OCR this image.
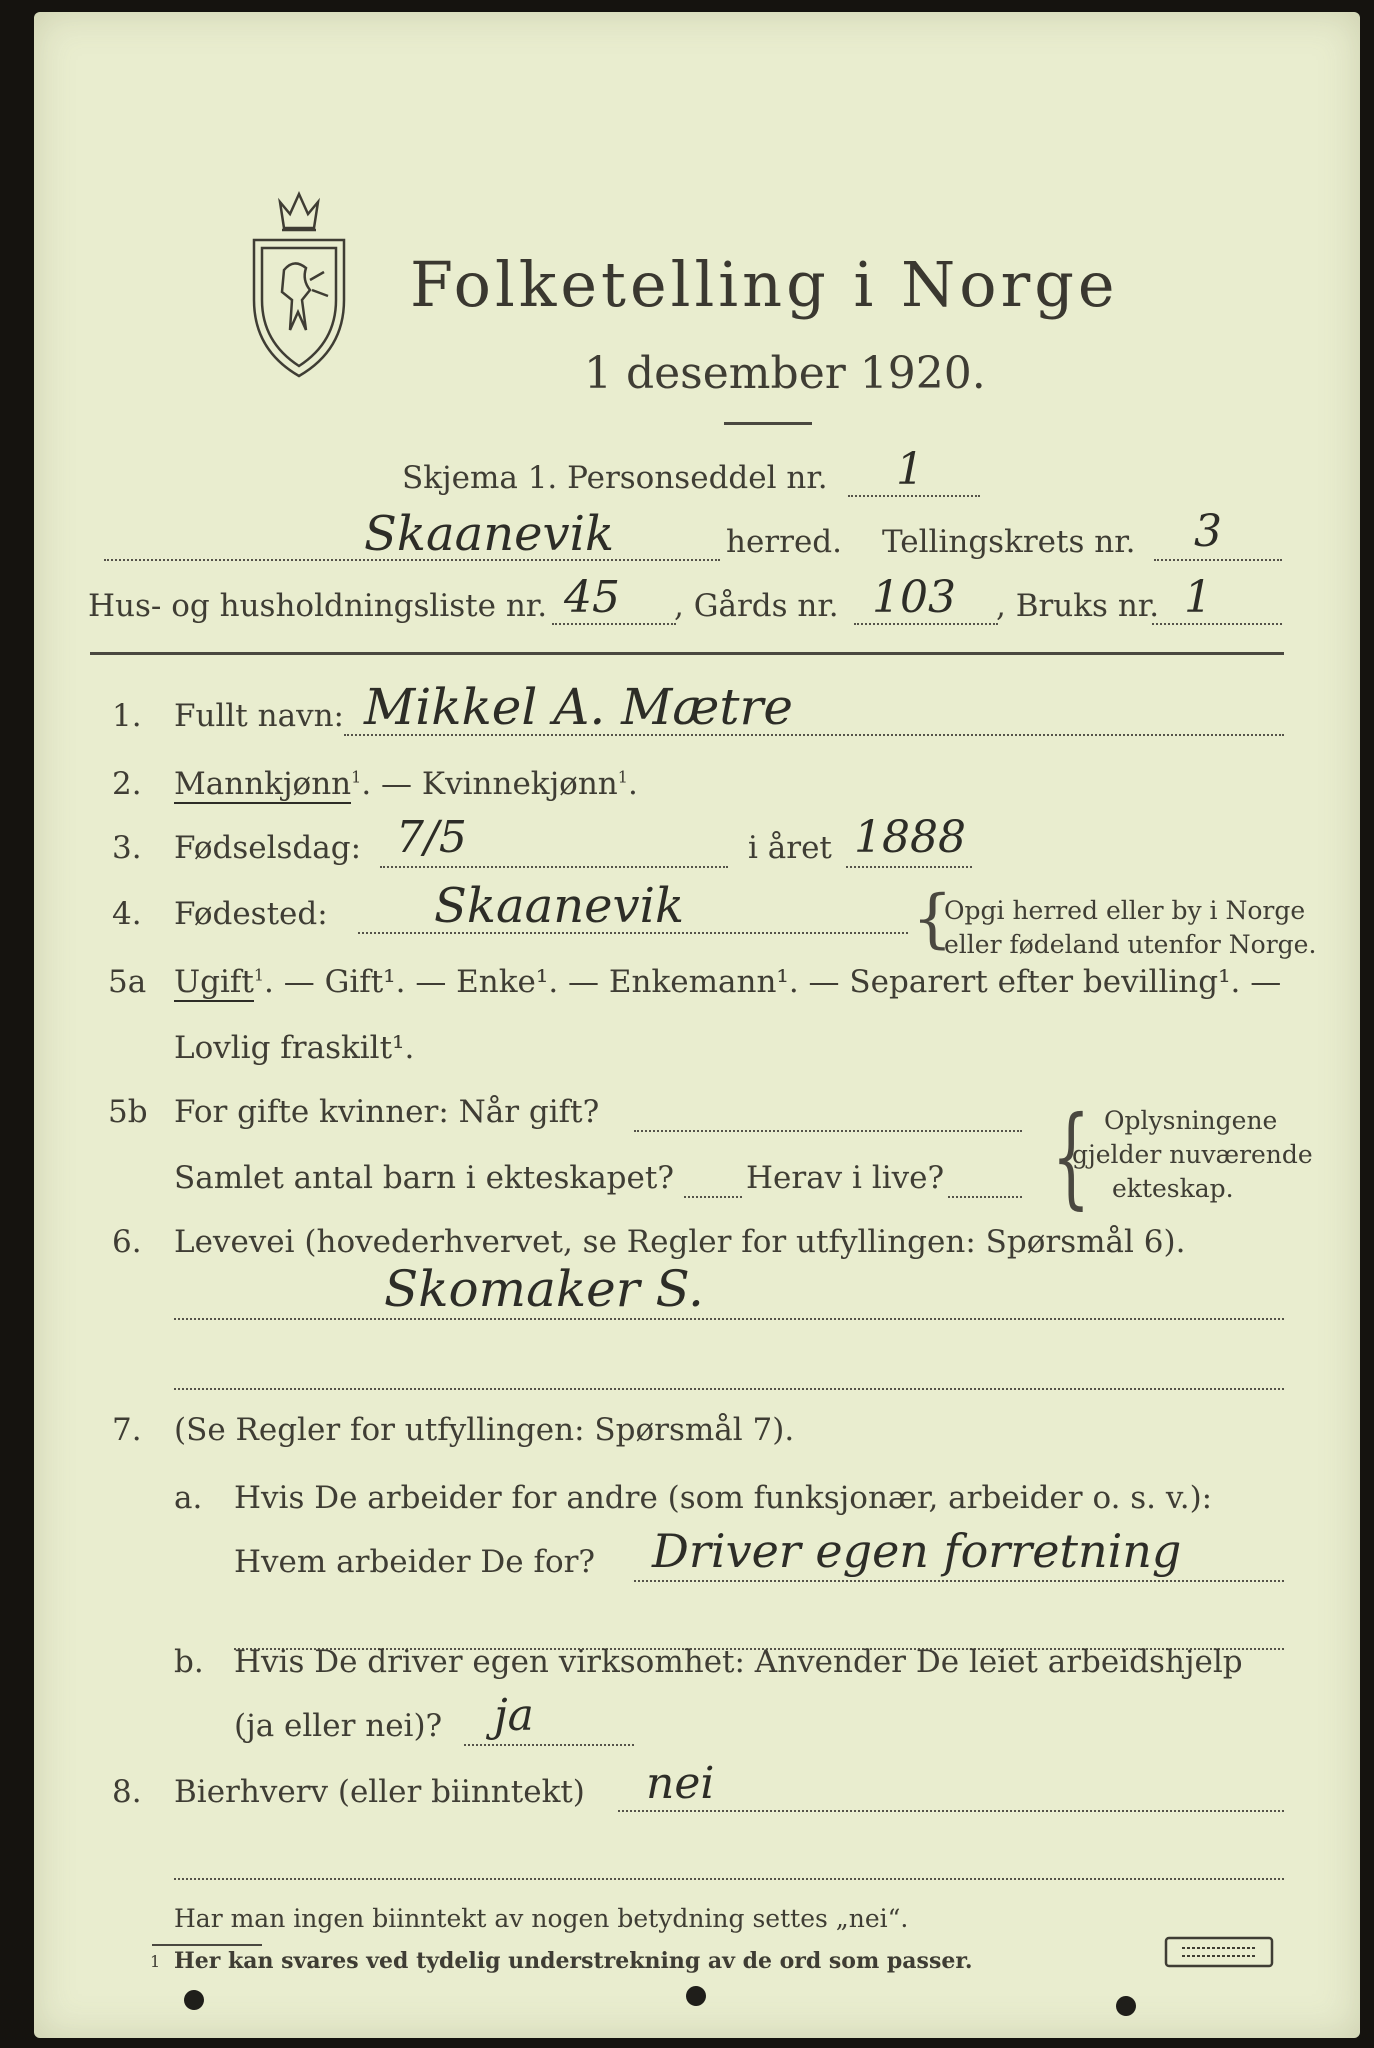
Folketelling i Norge
1 desember 1920.
Skjema 1. Personseddel nr. 1
Skaanevik	herred. Tellingskrets nr. 3
Hus- og husholdningsliste nr. 45 , Gårds nr. 103 , Bruks nr. 1
1. Fullt navn: Mikkel A. Mætre
2. Mannkjønn$^1$. — Kvinnekjønn$^1$.
3. Fødselsdag: 7/5	i året 1888
4. Fødested: Skaanevik	{
Opgi herred eller by i Norge
eller fødeland utenfor Norge.
5a Ugift$^1$. — Gift¹. — Enke¹. — Enkemann¹. — Separert efter bevilling¹. —
Lovlig fraskilt¹.
5b For gifte kvinner: Når gift?
Samlet antal barn i ekteskapet? Herav i live? { Oplysningene
gjelder nuværende
ekteskap.
6. Levevei (hovederhvervet, se Regler for utfyllingen: Spørsmål 6).
Skomaker S.
7. (Se Regler for utfyllingen: Spørsmål 7).
a. Hvis De arbeider for andre (som funksjonær, arbeider o. s. v.):
Hvem arbeider De for? Driver egen forretning
b. Hvis De driver egen virksomhet: Anvender De leiet arbeidshjelp
(ja eller nei)? ja
8. Bierhverv (eller biinntekt) nei
Har man ingen biinntekt av nogen betydning settes „nei“.
1 Her kan svares ved tydelig understrekning av de ord som passer.
